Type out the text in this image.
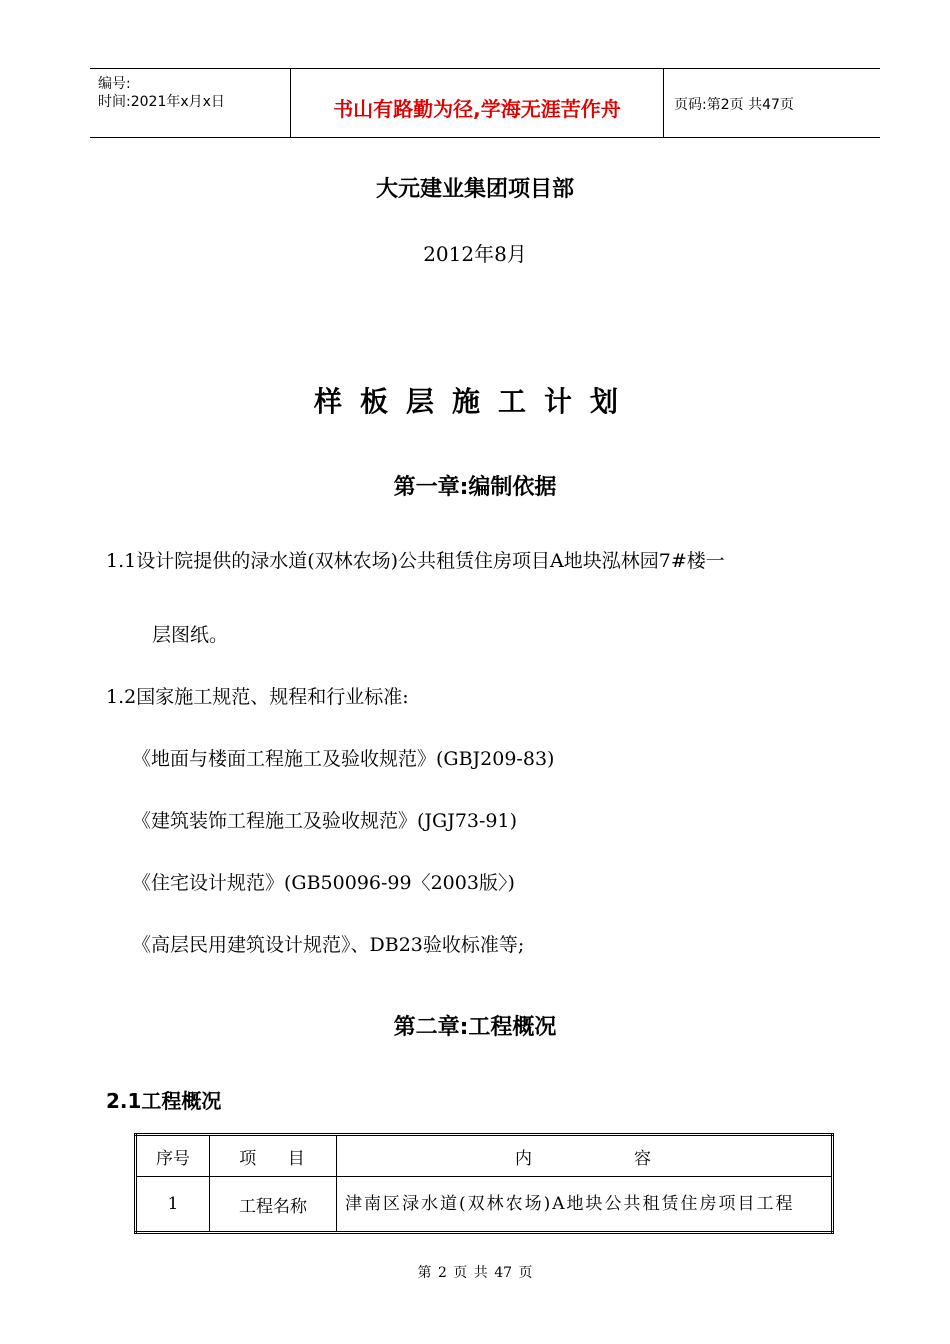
编号:
时间:2021年x月x日	书山有路勤为径,学海无涯苦作舟	页码:第2页 共47页
大元建业集团项目部
2012年8月
样板层施工计划
第一章:编制依据
1.1设计院提供的渌水道(双林农场)公共租赁住房项目A地块泓林园7#楼一
层图纸。
1.2国家施工规范、规程和行业标准:
《地面与楼面工程施工及验收规范》(GBJ209-83)
《建筑装饰工程施工及验收规范》(JGJ73-91)
《住宅设计规范》(GB50096-99〈2003版〉)
《高层民用建筑设计规范》、DB23验收标准等;
第二章:工程概况
2.1工程概况
序号	项    目	内 容

1	工程名称	津南区渌水道(双林农场)A地块公共租赁住房项目工程
第 2 页 共 47 页
